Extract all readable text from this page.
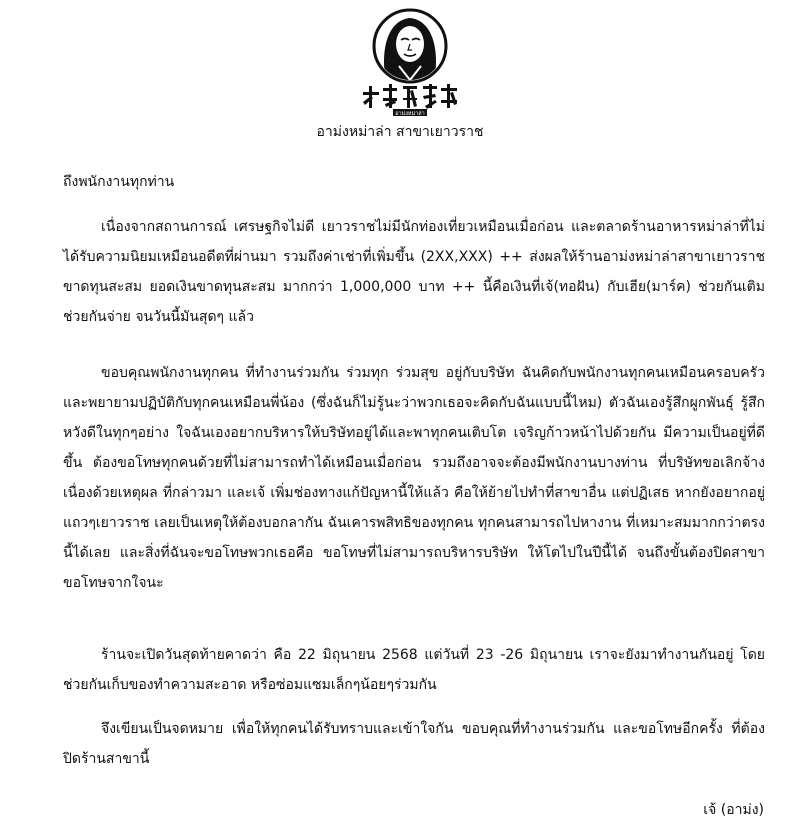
อาม่งหม่าล่า
อาม่งหม่าล่า สาขาเยาวราช
ถึงพนักงานทุกท่าน

เนื่องจากสถานการณ์ เศรษฐกิจไม่ดี เยาวราชไม่มีนักท่องเที่ยวเหมือนเมื่อก่อน และตลาดร้านอาหารหม่าล่าที่ไม่ได้รับความนิยมเหมือนอดีตที่ผ่านมา รวมถึงค่าเช่าที่เพิ่มขึ้น (2XX,XXX) ++ ส่งผลให้ร้านอาม่งหม่าล่าสาขาเยาวราชขาดทุนสะสม ยอดเงินขาดทุนสะสม มากกว่า 1,000,000 บาท ++ นี้คือเงินที่เจ้(ทอฝัน) กับเฮีย(มาร์ค) ช่วยกันเติม ช่วยกันจ่าย จนวันนี้มันสุดๆ แล้ว

ขอบคุณพนักงานทุกคน ที่ทำงานร่วมกัน ร่วมทุก ร่วมสุข อยู่กับบริษัท ฉันคิดกับพนักงานทุกคนเหมือนครอบครัว และพยายามปฏิบัติกับทุกคนเหมือนพี่น้อง (ซึ่งฉันก็ไม่รู้นะว่าพวกเธอจะคิดกับฉันแบบนี้ไหม) ตัวฉันเองรู้สึกผูกพันธุ์ รู้สึกหวังดีในทุกๆอย่าง ใจฉันเองอยากบริหารให้บริษัทอยู่ได้และพาทุกคนเติบโต เจริญก้าวหน้าไปด้วยกัน มีความเป็นอยู่ที่ดีขึ้น ต้องขอโทษทุกคนด้วยที่ไม่สามารถทำได้เหมือนเมื่อก่อน รวมถึงอาจจะต้องมีพนักงานบางท่าน ที่บริษัทขอเลิกจ้าง เนื่องด้วยเหตุผล ที่กล่าวมา และเจ้ เพิ่มช่องทางแก้ปัญหานี้ให้แล้ว คือให้ย้ายไปทำที่สาขาอื่น แต่ปฏิเสธ หากยังอยากอยู่แถวๆเยาวราช เลยเป็นเหตุให้ต้องบอกลากัน ฉันเคารพสิทธิของทุกคน ทุกคนสามารถไปหางาน ที่เหมาะสมมากกว่าตรงนี้ได้เลย และสิ่งที่ฉันจะขอโทษพวกเธอคือ ขอโทษที่ไม่สามารถบริหารบริษัท ให้โตไปในปีนี้ได้ จนถึงขั้นต้องปิดสาขา ขอโทษจากใจนะ

ร้านจะเปิดวันสุดท้ายคาดว่า คือ 22 มิถุนายน 2568 แต่วันที่ 23 -26 มิถุนายน เราจะยังมาทำงานกันอยู่ โดยช่วยกันเก็บของทำความสะอาด หรือซ่อมแซมเล็กๆน้อยๆร่วมกัน

จึงเขียนเป็นจดหมาย เพื่อให้ทุกคนได้รับทราบและเข้าใจกัน ขอบคุณที่ทำงานร่วมกัน และขอโทษอีกครั้ง ที่ต้องปิดร้านสาขานี้

เจ้ (อาม่ง)
